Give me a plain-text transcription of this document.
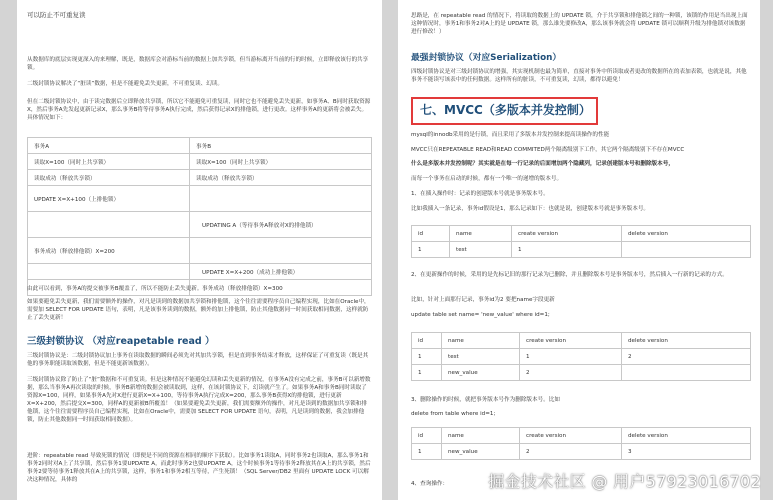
可以防止不可重复读
从数据库的底层实现更深入的来理解，既是，数据库会对游标当前的数据上加共享锁，但当游标离开当前的行的时候，立即释放该行的共享锁。
二级封锁协议解决了“脏读”数据，但是不能避免丢失更新，不可重复读、幻读。
但在二级封锁协议中，由于读完数据后立即释放共享锁，所以它不能避免可重复读，同时它也不能避免丢失更新，如事务A、B同时获取资源X，然后事务A先发起更新记录X，那么事务B将等待事务A执行完成，然后获得记录X的排他锁，进行更改。这样事务A的更新将会被丢失。具体情况如下：
事务A	事务B
读取X=100（同时上共享锁）	读取X=100（同时上共享锁）
读取成功（释放共享锁）	读取成功（释放共享锁）
UPDATE X=X+100（上排他锁）	
	UPDATING A（等待事务A释放对X的排他锁）
事务成功（释放排他锁）X=200	
	UPDATE X=X+200（成功上排他锁）
	事务成功（释放排他锁）X=300
由此可以看到，事务A的提交被事务B覆盖了，所以不能防止丢失更新。
如果要避免丢失更新，我们需要额外的操作，对凡是读到的数据加共享锁和排他锁，这个往往需要程序员自己编程实现，比如在Oracle中，需要加 SELECT FOR UPDATE 语句，表明，凡是该事务读到的数据，额外的加上排他锁，防止其他数据同一时间获取相同数据，这样就防止了丢失更新！
三级封锁协议 （对应reapetable read ）
三级封锁协议是：二级封锁协议加上事务在读取数据的瞬间必须先对其加共享锁，但是直到事务结束才释放，这样保证了可重复读（既是其他的事务职能读取该数据，但是不能更新该数据）。
三级封锁协议除了防止了“脏”数据和不可重复读。但是这种情况不能避免幻读和丢失更新的情况，在事务A没有完成之前，事务B可以新增数据，那么当事务A再次读取的时候，事务B新增的数据会被读取到，这样，在该封锁协议下，幻读就产生了。如果事务A和事务B同时读取了资源X=100，同样，如果事务A先对X进行更新X=X+100，等待事务A执行完成X=200，那么事务B获得X的排他锁，进行更新X=X+200，然后提交X=300，同样A的更新被B所覆盖！（如果要避免丢失更新，我们需要额外的操作，对凡是读到的数据加共享锁和排他锁，这个往往需要程序员自己编程实现，比如在Oracle中，需要加 SELECT FOR UPDATE 语句，表明，凡是读到的数据，我会加排他锁，防止其他数据同一时间获取相同数据）。
进阶：repeatable read 导致死锁的情况（即便是不同的资源在相同的顺序下获取）。比如事务1读取A，同时事务2也读取A，那么事务1和事务2同时对A上了共享锁，然后事务1要UPDATE A，而此时事务2也要UPDATE A，这个时候事务1等待事务2释放其在A上的共享锁，然后事务2要等待事务1释放其在A上的共享锁，这样，事务1和事务2相互等待，产生死锁！（SQL Server/DB2 里面有 UPDATE LOCK 可以解决这种情况，具体的
思路是，在 repeatable read 的情况下，将读取的数据上的 UPDATE 锁，介于共享锁和排他锁之间的一种锁，该锁的作用是当出现上面这种情况时，事务1和事务2对A上的是 UPDATE 锁，那么谁先要修改A，那么该事务就会将 UPDATE 锁可以顺利升级为排他锁对该数据进行修改！）
最强封锁协议（对应Serialization）
四级封锁协议是对三级封锁协议的增强，其实现机制也最为简单，直接对事务中所读取或者更改的数据所在的表加表锁，也就是说，其他事务不能读写该表中的任何数据。这样所有的脏读，不可重复读，幻读，都得以避免！
七、MVCC（多版本并发控制）
mysql的innodb采用的是行锁，而且采用了多版本并发控制来提高读操作的性能
MVCC只在REPEATABLE READ和READ COMMITED两个隔离级别下工作，其它两个隔离级别下不存在MVCC
什么是多版本并发控制呢？其实就是在每一行记录的后面增加两个隐藏列，记录创建版本号和删除版本号，
而每一个事务在启动的时候，都有一个唯一的递增的版本号。
1、在插入操作时：记录的创建版本号就是事务版本号。
比如我插入一条记录，事务id假设是1，那么记录如下：也就是说，创建版本号就是事务版本号。
id	name	create version	delete version
1	test	1	
2、在更新操作的时候，采用的是先标记旧的那行记录为已删除，并且删除版本号是事务版本号，然后插入一行新的记录的方式。
比如，针对上面那行记录，事务id为2 要把name字段更新
update table set name= 'new_value' where id=1;
id	name	create version	delete version
1	test	1	2
1	new_value	2	
3、删除操作的时候，就把事务版本号作为删除版本号。比如
delete from table where id=1;
id	name	create version	delete version
1	new_value	2	3
4、查询操作：	掘金技术社区 @ 用户57923016702
